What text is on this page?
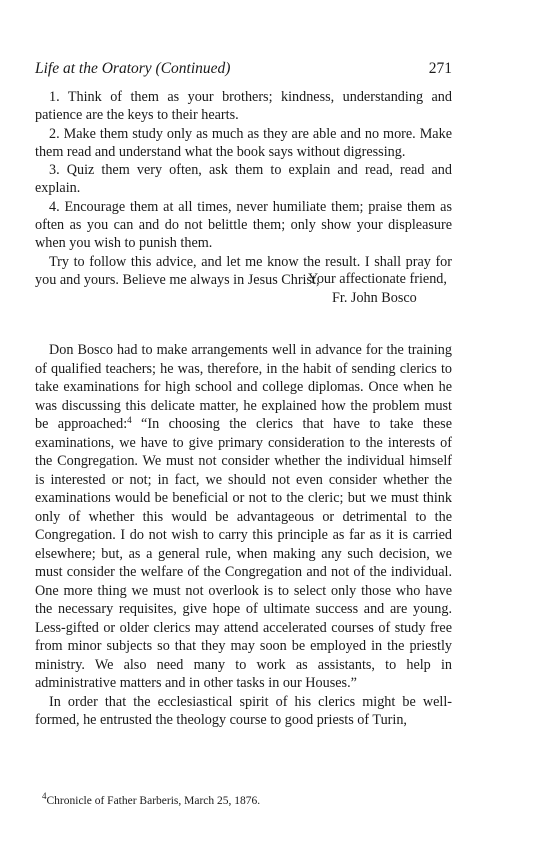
Life at the Oratory (Continued)	271

1. Think of them as your brothers; kindness, understanding and patience are the keys to their hearts.

2. Make them study only as much as they are able and no more. Make them read and understand what the book says without digressing.

3. Quiz them very often, ask them to explain and read, read and explain.

4. Encourage them at all times, never humiliate them; praise them as often as you can and do not belittle them; only show your displeasure when you wish to punish them.

Try to follow this advice, and let me know the result. I shall pray for you and yours. Believe me always in Jesus Christ,

Your affectionate friend,
Fr. John Bosco

Don Bosco had to make arrangements well in advance for the training of qualified teachers; he was, therefore, in the habit of sending clerics to take examinations for high school and college diplomas. Once when he was discussing this delicate matter, he explained how the problem must be approached:$^4$ “In choosing the clerics that have to take these examinations, we have to give primary consideration to the interests of the Congregation. We must not consider whether the individual himself is interested or not; in fact, we should not even consider whether the examinations would be beneficial or not to the cleric; but we must think only of whether this would be advantageous or detrimental to the Congregation. I do not wish to carry this principle as far as it is carried elsewhere; but, as a general rule, when making any such decision, we must consider the welfare of the Congregation and not of the individual. One more thing we must not overlook is to select only those who have the necessary requisites, give hope of ultimate success and are young. Less-gifted or older clerics may attend accelerated courses of study free from minor subjects so that they may soon be employed in the priestly ministry. We also need many to work as assistants, to help in administrative matters and in other tasks in our Houses.”

In order that the ecclesiastical spirit of his clerics might be well-formed, he entrusted the theology course to good priests of Turin,

$^4$Chronicle of Father Barberis, March 25, 1876.
